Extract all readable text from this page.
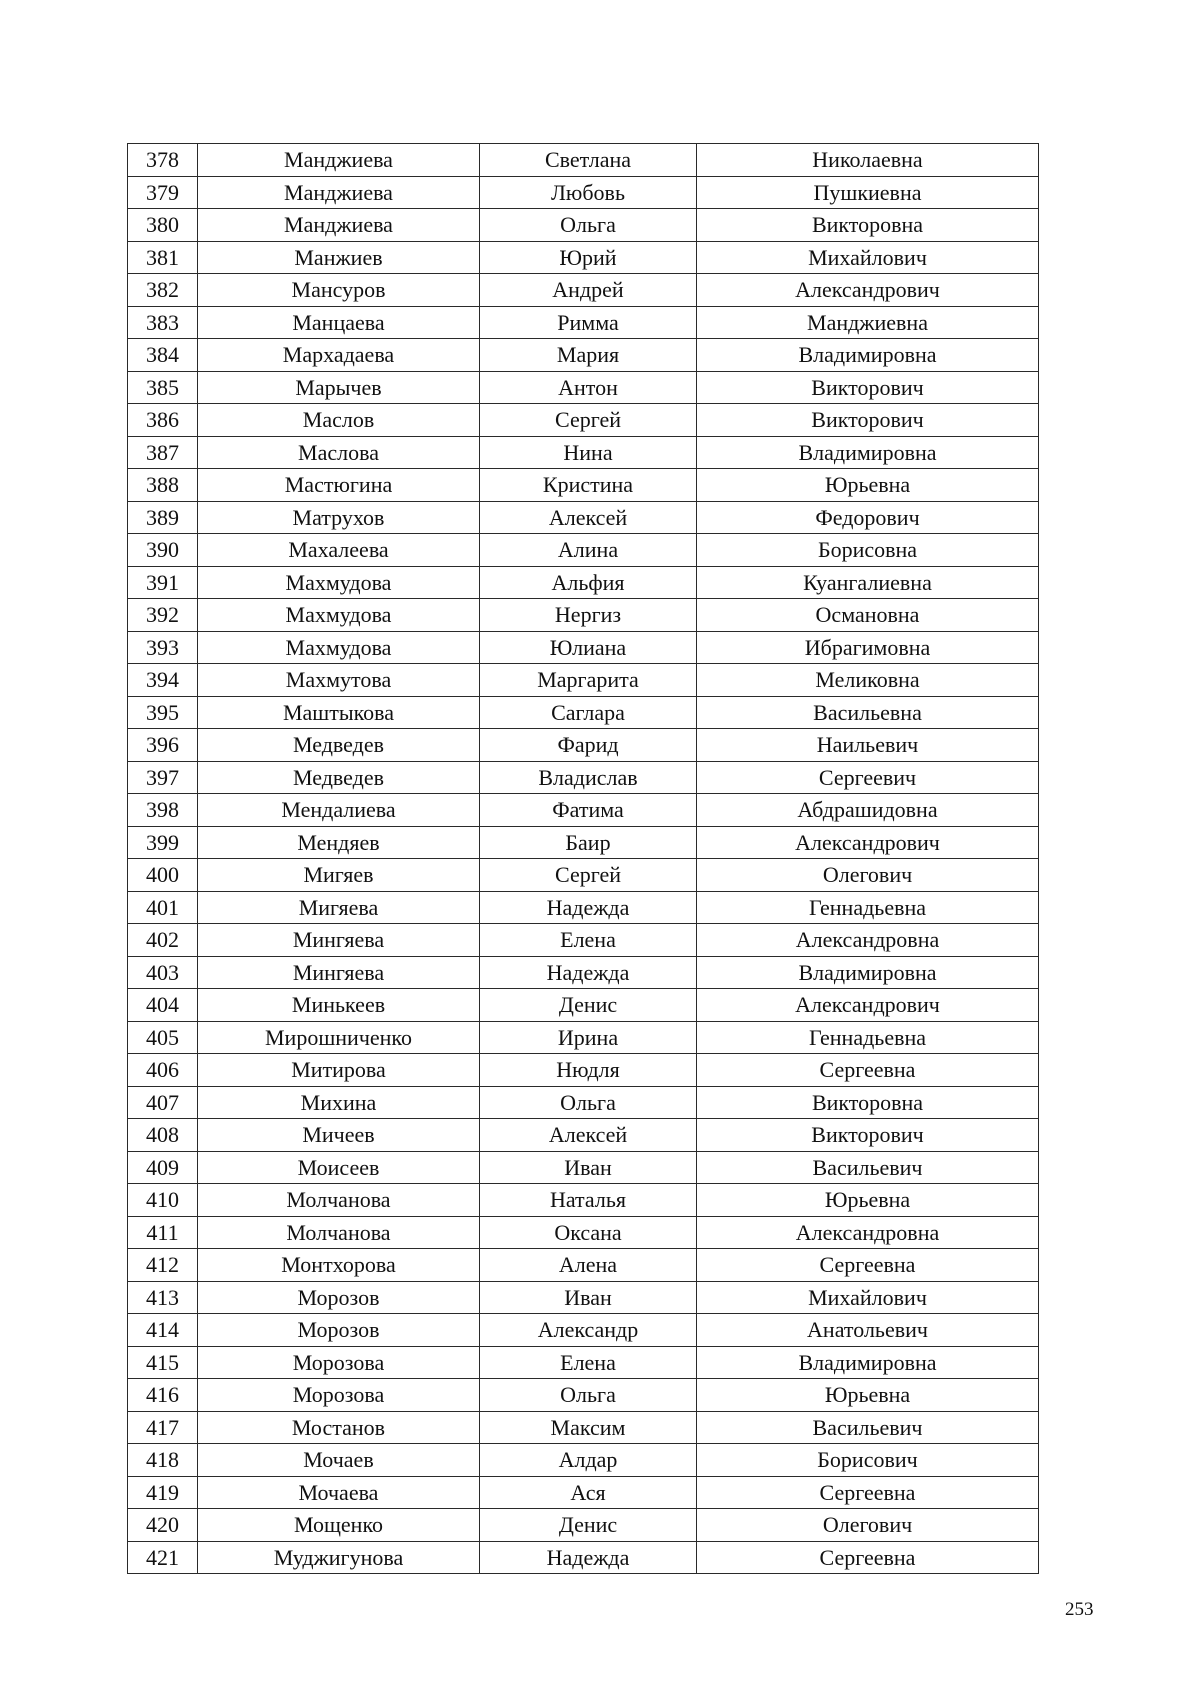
378	Манджиева	Светлана	Николаевна
379	Манджиева	Любовь	Пушкиевна
380	Манджиева	Ольга	Викторовна
381	Манжиев	Юрий	Михайлович
382	Мансуров	Андрей	Александрович
383	Манцаева	Римма	Манджиевна
384	Мархадаева	Мария	Владимировна
385	Марычев	Антон	Викторович
386	Маслов	Сергей	Викторович
387	Маслова	Нина	Владимировна
388	Мастюгина	Кристина	Юрьевна
389	Матрухов	Алексей	Федорович
390	Махалеева	Алина	Борисовна
391	Махмудова	Альфия	Куангалиевна
392	Махмудова	Нергиз	Османовна
393	Махмудова	Юлиана	Ибрагимовна
394	Махмутова	Маргарита	Меликовна
395	Маштыкова	Саглара	Васильевна
396	Медведев	Фарид	Наильевич
397	Медведев	Владислав	Сергеевич
398	Мендалиева	Фатима	Абдрашидовна
399	Мендяев	Баир	Александрович
400	Мигяев	Сергей	Олегович
401	Мигяева	Надежда	Геннадьевна
402	Мингяева	Елена	Александровна
403	Мингяева	Надежда	Владимировна
404	Минькеев	Денис	Александрович
405	Мирошниченко	Ирина	Геннадьевна
406	Митирова	Нюдля	Сергеевна
407	Михина	Ольга	Викторовна
408	Мичеев	Алексей	Викторович
409	Моисеев	Иван	Васильевич
410	Молчанова	Наталья	Юрьевна
411	Молчанова	Оксана	Александровна
412	Монтхорова	Алена	Сергеевна
413	Морозов	Иван	Михайлович
414	Морозов	Александр	Анатольевич
415	Морозова	Елена	Владимировна
416	Морозова	Ольга	Юрьевна
417	Мостанов	Максим	Васильевич
418	Мочаев	Алдар	Борисович
419	Мочаева	Ася	Сергеевна
420	Мощенко	Денис	Олегович
421	Муджигунова	Надежда	Сергеевна
253
